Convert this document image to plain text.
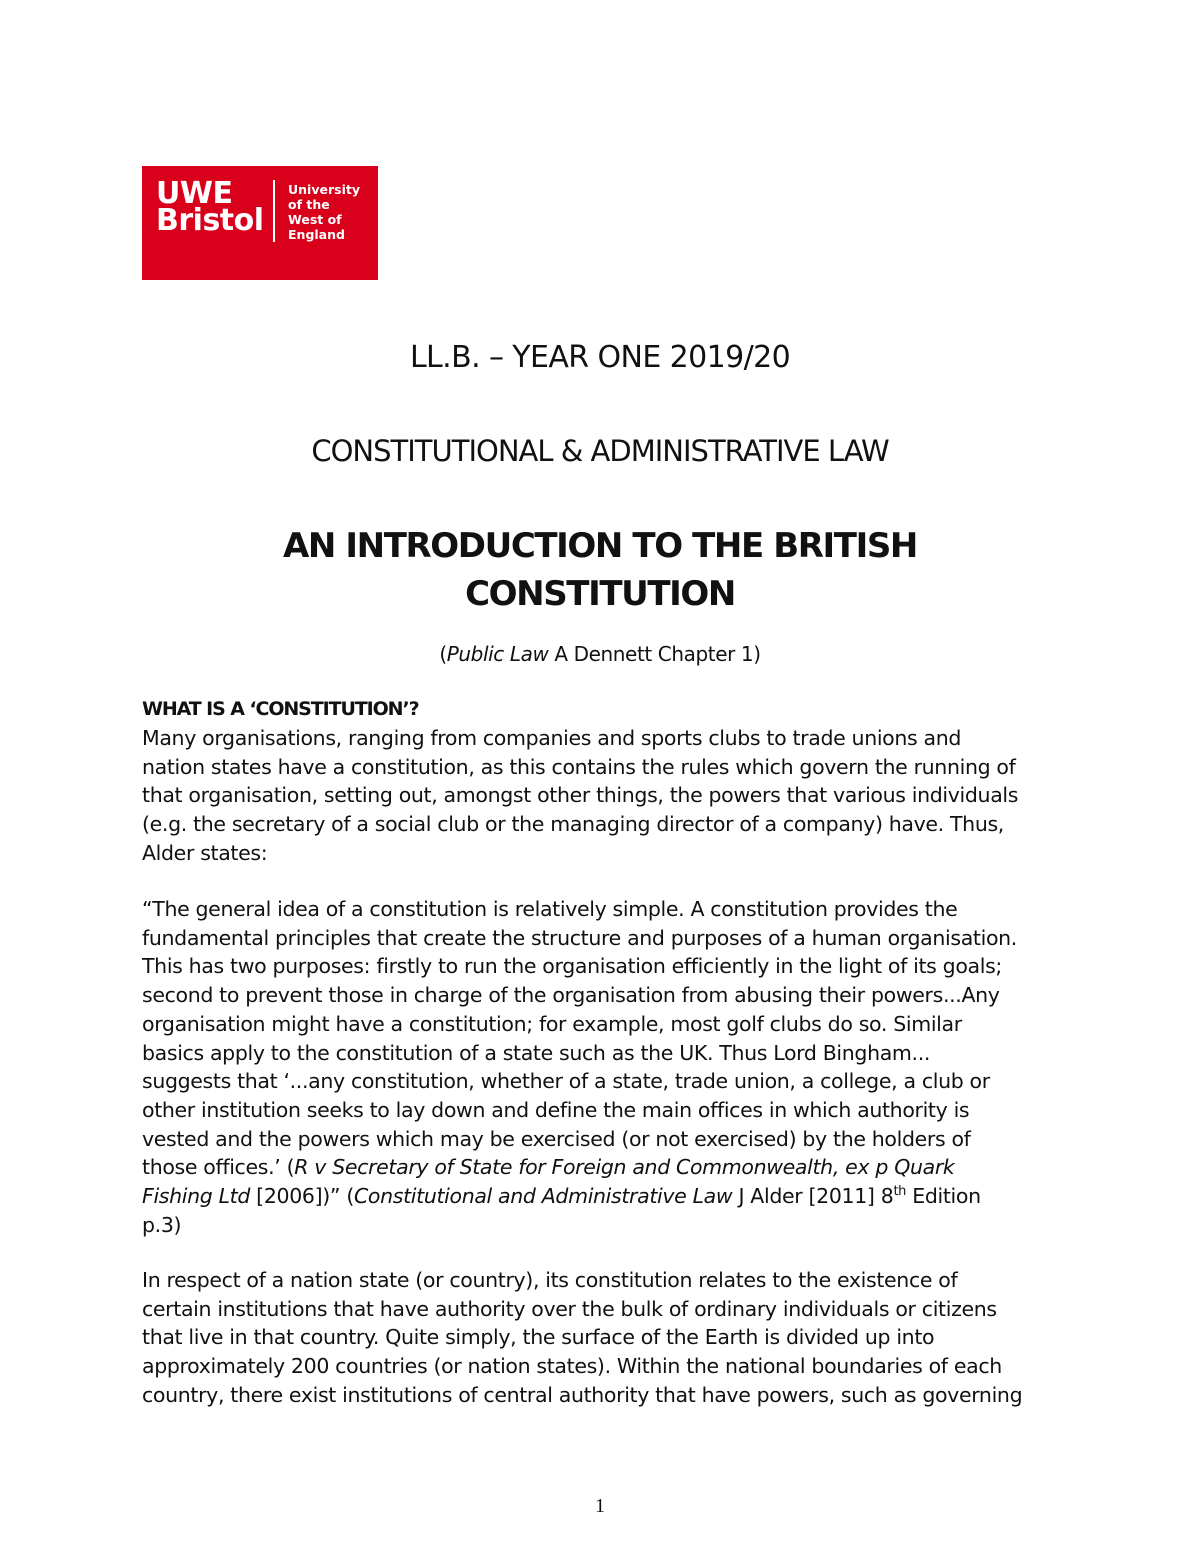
UWE
Bristol
University
of the
West of
England
LL.B. – YEAR ONE 2019/20
CONSTITUTIONAL & ADMINISTRATIVE LAW
AN INTRODUCTION TO THE BRITISH
CONSTITUTION
(Public Law A Dennett Chapter 1)
WHAT IS A ‘CONSTITUTION’?
Many organisations, ranging from companies and sports clubs to trade unions and
nation states have a constitution, as this contains the rules which govern the running of
that organisation, setting out, amongst other things, the powers that various individuals
(e.g. the secretary of a social club or the managing director of a company) have. Thus,
Alder states:
“The general idea of a constitution is relatively simple. A constitution provides the
fundamental principles that create the structure and purposes of a human organisation.
This has two purposes: firstly to run the organisation efficiently in the light of its goals;
second to prevent those in charge of the organisation from abusing their powers...Any
organisation might have a constitution; for example, most golf clubs do so. Similar
basics apply to the constitution of a state such as the UK. Thus Lord Bingham...
suggests that ‘...any constitution, whether of a state, trade union, a college, a club or
other institution seeks to lay down and define the main offices in which authority is
vested and the powers which may be exercised (or not exercised) by the holders of
those offices.’ (R v Secretary of State for Foreign and Commonwealth, ex p Quark
Fishing Ltd [2006])” (Constitutional and Administrative Law J Alder [2011] 8th Edition
p.3)
In respect of a nation state (or country), its constitution relates to the existence of
certain institutions that have authority over the bulk of ordinary individuals or citizens
that live in that country. Quite simply, the surface of the Earth is divided up into
approximately 200 countries (or nation states). Within the national boundaries of each
country, there exist institutions of central authority that have powers, such as governing
1
